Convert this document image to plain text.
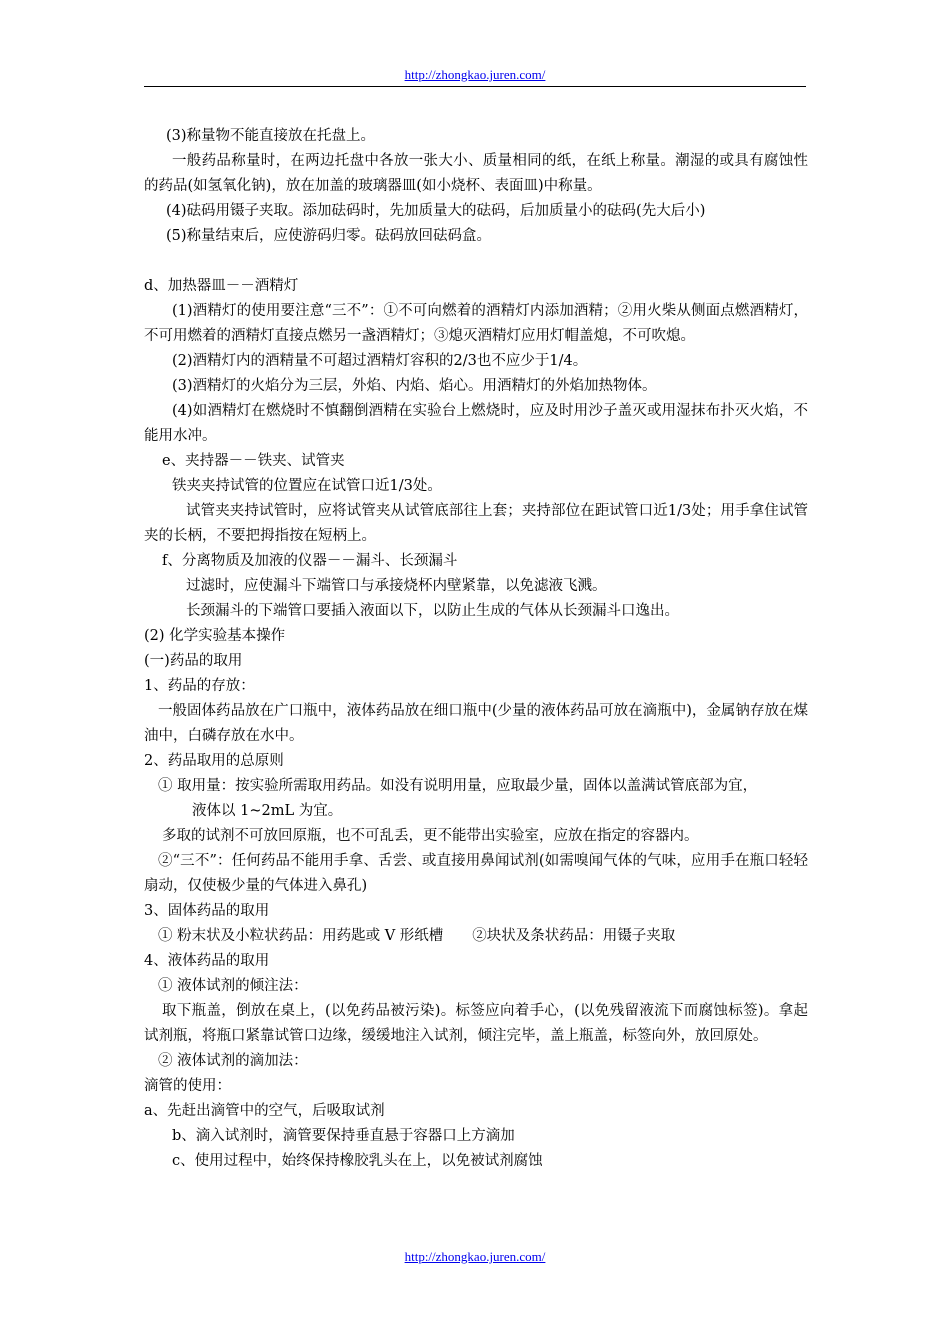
http://zhongkao.juren.com/

(3)称量物不能直接放在托盘上。

一般药品称量时，在两边托盘中各放一张大小、质量相同的纸，在纸上称量。潮湿的或具有腐蚀性的药品(如氢氧化钠)，放在加盖的玻璃器皿(如小烧杯、表面皿)中称量。

(4)砝码用镊子夹取。添加砝码时，先加质量大的砝码，后加质量小的砝码(先大后小)

(5)称量结束后，应使游码归零。砝码放回砝码盒。

d、加热器皿－－酒精灯

(1)酒精灯的使用要注意“三不”：①不可向燃着的酒精灯内添加酒精；②用火柴从侧面点燃酒精灯，不可用燃着的酒精灯直接点燃另一盏酒精灯；③熄灭酒精灯应用灯帽盖熄，不可吹熄。

(2)酒精灯内的酒精量不可超过酒精灯容积的2/3也不应少于1/4。

(3)酒精灯的火焰分为三层，外焰、内焰、焰心。用酒精灯的外焰加热物体。

(4)如酒精灯在燃烧时不慎翻倒酒精在实验台上燃烧时，应及时用沙子盖灭或用湿抹布扑灭火焰，不能用水冲。

e、夹持器－－铁夹、试管夹

铁夹夹持试管的位置应在试管口近1/3处。

试管夹夹持试管时，应将试管夹从试管底部往上套；夹持部位在距试管口近1/3处；用手拿住试管夹的长柄，不要把拇指按在短柄上。

f、分离物质及加液的仪器－－漏斗、长颈漏斗

过滤时，应使漏斗下端管口与承接烧杯内壁紧靠，以免滤液飞溅。

长颈漏斗的下端管口要插入液面以下，以防止生成的气体从长颈漏斗口逸出。

(2) 化学实验基本操作

(一)药品的取用

1、药品的存放：

一般固体药品放在广口瓶中，液体药品放在细口瓶中(少量的液体药品可放在滴瓶中)，金属钠存放在煤油中，白磷存放在水中。

2、药品取用的总原则

① 取用量：按实验所需取用药品。如没有说明用量，应取最少量，固体以盖满试管底部为宜，

液体以 1~2mL 为宜。

多取的试剂不可放回原瓶，也不可乱丢，更不能带出实验室，应放在指定的容器内。

②“三不”：任何药品不能用手拿、舌尝、或直接用鼻闻试剂(如需嗅闻气体的气味，应用手在瓶口轻轻扇动，仅使极少量的气体进入鼻孔)

3、固体药品的取用

① 粉末状及小粒状药品：用药匙或 V 形纸槽　　②块状及条状药品：用镊子夹取

4、液体药品的取用

① 液体试剂的倾注法：

取下瓶盖，倒放在桌上，(以免药品被污染)。标签应向着手心，(以免残留液流下而腐蚀标签)。拿起试剂瓶，将瓶口紧靠试管口边缘，缓缓地注入试剂，倾注完毕，盖上瓶盖，标签向外，放回原处。

② 液体试剂的滴加法：

滴管的使用：

a、先赶出滴管中的空气，后吸取试剂

b、滴入试剂时，滴管要保持垂直悬于容器口上方滴加

c、使用过程中，始终保持橡胶乳头在上，以免被试剂腐蚀

http://zhongkao.juren.com/
